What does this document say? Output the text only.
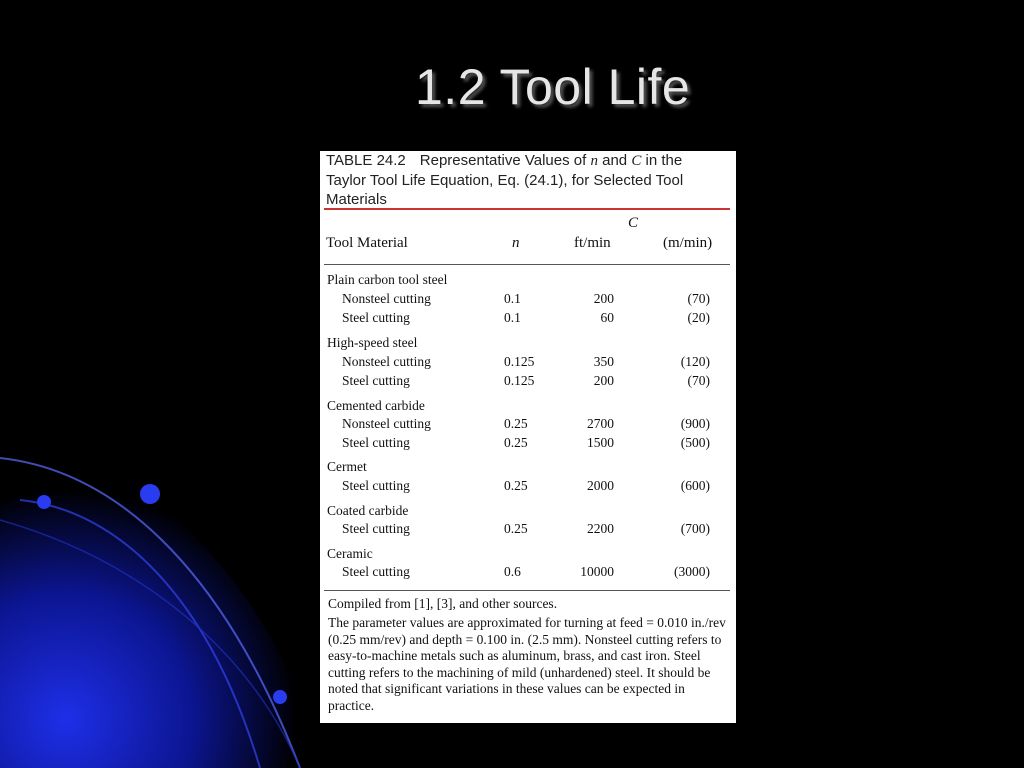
1.2 Tool Life
TABLE 24.2 Representative Values of n and C in the Taylor Tool Life Equation, Eq. (24.1), for Selected Tool Materials
C
Tool Material	n	ft/min	(m/min)
Plain carbon tool steel
Nonsteel cutting	0.1	200	(70)
Steel cutting	0.1	60	(20)
High-speed steel
Nonsteel cutting	0.125	350	(120)
Steel cutting	0.125	200	(70)
Cemented carbide
Nonsteel cutting	0.25	2700	(900)
Steel cutting	0.25	1500	(500)
Cermet
Steel cutting	0.25	2000	(600)
Coated carbide
Steel cutting	0.25	2200	(700)
Ceramic
Steel cutting	0.6	10000	(3000)
Compiled from [1], [3], and other sources.
The parameter values are approximated for turning at feed = 0.010 in./rev (0.25 mm/rev) and depth = 0.100 in. (2.5 mm). Nonsteel cutting refers to easy-to-machine metals such as aluminum, brass, and cast iron. Steel cutting refers to the machining of mild (unhardened) steel. It should be noted that significant variations in these values can be expected in practice.
